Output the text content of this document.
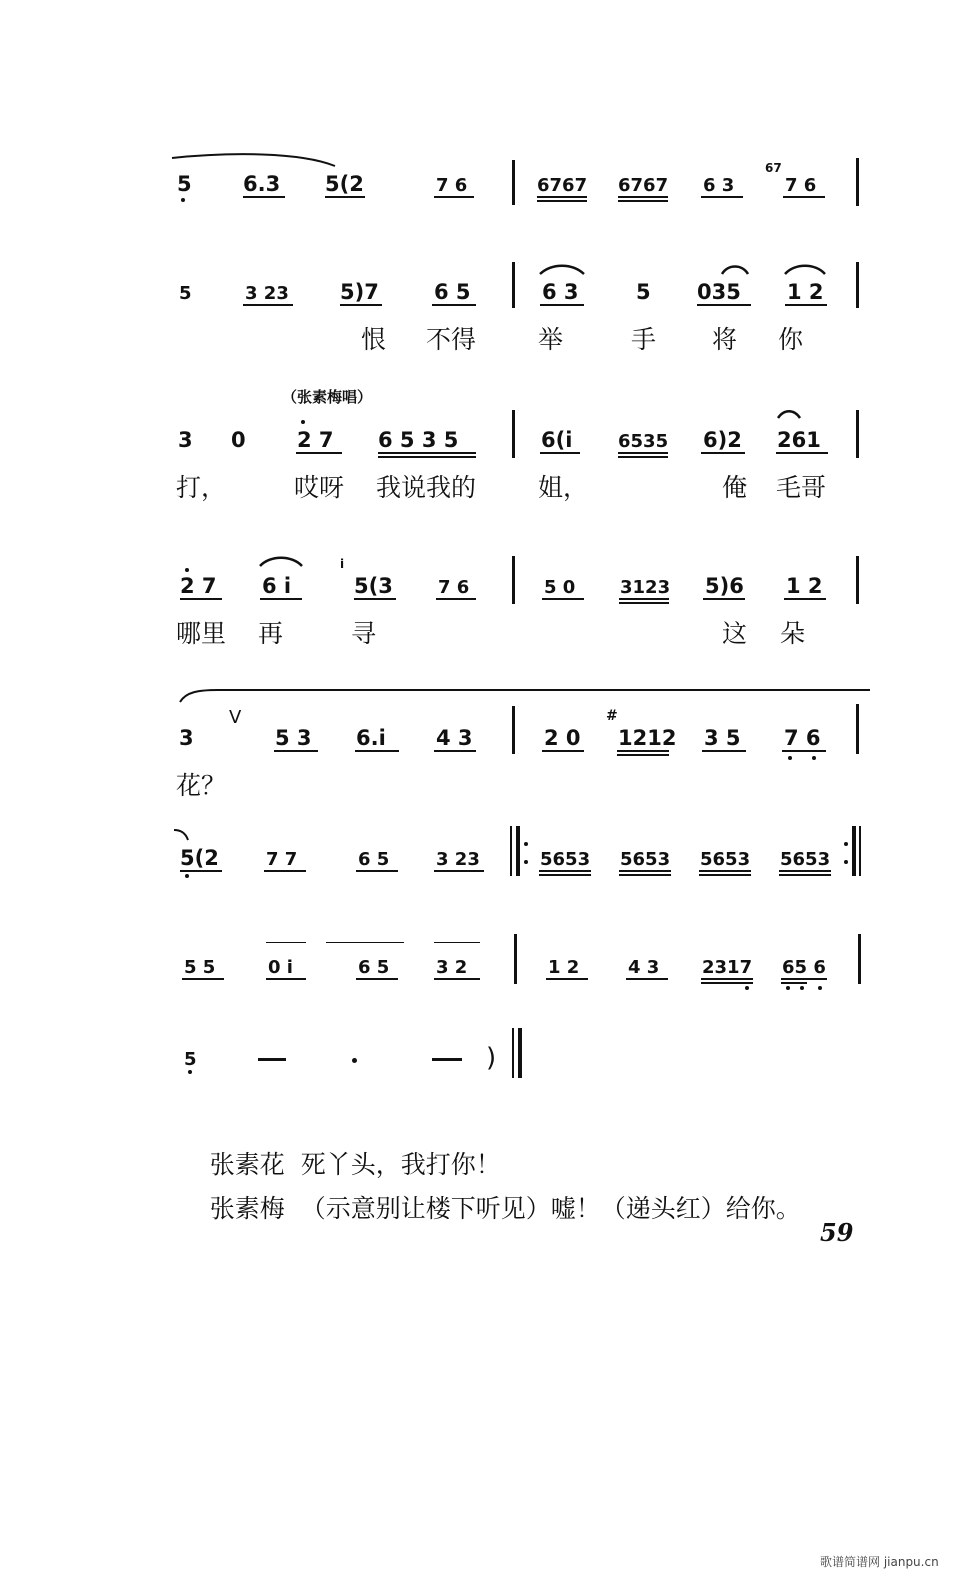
5 6.3 5(2	7 6	6767 6767 6 3
67
7 6
5	3 23 5)7	6 5	6 3	5 035 1 2
恨 不得 举	手 将 你
（张素梅唱）
3 0 2 7 6 5 3 5	6(i	6535 6)2 261
打，	哎呀 我说我的 姐，	俺 毛哥
2 7 6 i
i
5(3	7 6	5 0 3123 5)6 1 2
哪里 再	寻	这 朵
3
V
5 3 6.i 4 3	2 0
#
1212 3 5 7 6
花？
5(2	7 7	6 5	3 23	5653 5653 5653 5653
5 5	0 i	6 5	3 2	1 2	4 3 2317 65 6
5	)

张素花 死丫头，我打你！

张素梅 （示意别让楼下听见）嘘！（递头红）给你。

59
歌谱简谱网 jianpu.cn
